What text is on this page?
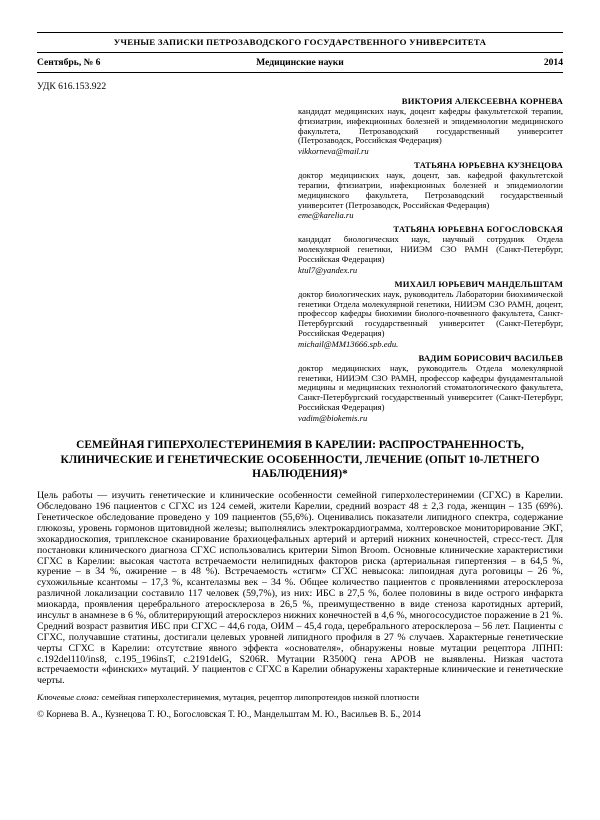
УЧЕНЫЕ ЗАПИСКИ ПЕТРОЗАВОДСКОГО ГОСУДАРСТВЕННОГО УНИВЕРСИТЕТА
Сентябрь, № 6	Медицинские науки	2014
УДК 616.153.922
ВИКТОРИЯ АЛЕКСЕЕВНА КОРНЕВА
кандидат медицинских наук, доцент кафедры факультетской терапии, фтизиатрии, инфекционных болезней и эпидемиологии медицинского факультета, Петрозаводский государственный университет (Петрозаводск, Российская Федерация)
vikkorneva@mail.ru
ТАТЬЯНА ЮРЬЕВНА КУЗНЕЦОВА
доктор медицинских наук, доцент, зав. кафедрой факультетской терапии, фтизиатрии, инфекционных болезней и эпидемиологии медицинского факультета, Петрозаводский государственный университет (Петрозаводск, Российская Федерация)
eme@karelia.ru
ТАТЬЯНА ЮРЬЕВНА БОГОСЛОВСКАЯ
кандидат биологических наук, научный сотрудник Отдела молекулярной генетики, НИИЭМ СЗО РАМН (Санкт-Петербург, Российская Федерация)
ktul7@yandex.ru
МИХАИЛ ЮРЬЕВИЧ МАНДЕЛЬШТАМ
доктор биологических наук, руководитель Лаборатории биохимической генетики Отдела молекулярной генетики, НИИЭМ СЗО РАМН, доцент, профессор кафедры биохимии биолого-почвенного факультета, Санкт-Петербургский государственный университет (Санкт-Петербург, Российская Федерация)
michail@MM13666.spb.edu.
ВАДИМ БОРИСОВИЧ ВАСИЛЬЕВ
доктор медицинских наук, руководитель Отдела молекулярной генетики, НИИЭМ СЗО РАМН, профессор кафедры фундаментальной медицины и медицинских технологий стоматологического факультета, Санкт-Петербургский государственный университет (Санкт-Петербург, Российская Федерация)
vadim@biokemis.ru
СЕМЕЙНАЯ ГИПЕРХОЛЕСТЕРИНЕМИЯ В КАРЕЛИИ: РАСПРОСТРАНЕННОСТЬ, КЛИНИЧЕСКИЕ И ГЕНЕТИЧЕСКИЕ ОСОБЕННОСТИ, ЛЕЧЕНИЕ (ОПЫТ 10-ЛЕТНЕГО НАБЛЮДЕНИЯ)*

Цель работы — изучить генетические и клинические особенности семейной гиперхолестеринемии (СГХС) в Карелии. Обследовано 196 пациентов с СГХС из 124 семей, жители Карелии, средний возраст 48 ± 2,3 года, женщин – 135 (69%). Генетическое обследование проведено у 109 пациентов (55,6%). Оценивались показатели липидного спектра, содержание глюкозы, уровень гормонов щитовидной железы; выполнялись электрокардиограмма, холтеровское мониторирование ЭКГ, эхокардиоскопия, триплексное сканирование брахиоцефальных артерий и артерий нижних конечностей, стресс-тест. Для постановки клинического диагноза СГХС использовались критерии Simon Broom. Основные клинические характеристики СГХС в Карелии: высокая частота встречаемости нелипидных факторов риска (артериальная гипертензия – в 64,5 %, курение – в 34 %, ожирение – в 48 %). Встречаемость «стигм» СГХС невысока: липоидная дуга роговицы – 26 %, сухожильные ксантомы – 17,3 %, ксантелазмы век – 34 %. Общее количество пациентов с проявлениями атеросклероза различной локализации составило 117 человек (59,7%), из них: ИБС в 27,5 %, более половины в виде острого инфаркта миокарда, проявления церебрального атеросклероза в 26,5 %, преимущественно в виде стеноза каротидных артерий, инсульт в анамнезе в 6 %, облитерирующий атеросклероз нижних конечностей в 4,6 %, многососудистое поражение в 21 %. Средний возраст развития ИБС при СГХС – 44,6 года, ОИМ – 45,4 года, церебрального атеросклероза – 56 лет. Пациенты с СГХС, получавшие статины, достигали целевых уровней липидного профиля в 27 % случаев. Характерные генетические черты СГХС в Карелии: отсутствие явного эффекта «основателя», обнаружены новые мутации рецептора ЛПНП: c.192del110/ins8, c.195_196insT, c.2191delG, S206R. Мутации R3500Q гена APOB не выявлены. Низкая частота встречаемости «финских» мутаций. У пациентов с СГХС в Карелии обнаружены характерные клинические и генетические черты.

Ключевые слова: семейная гиперхолестеринемия, мутация, рецептор липопротеидов низкой плотности

© Корнева В. А., Кузнецова Т. Ю., Богословская Т. Ю., Мандельштам М. Ю., Васильев В. Б., 2014
